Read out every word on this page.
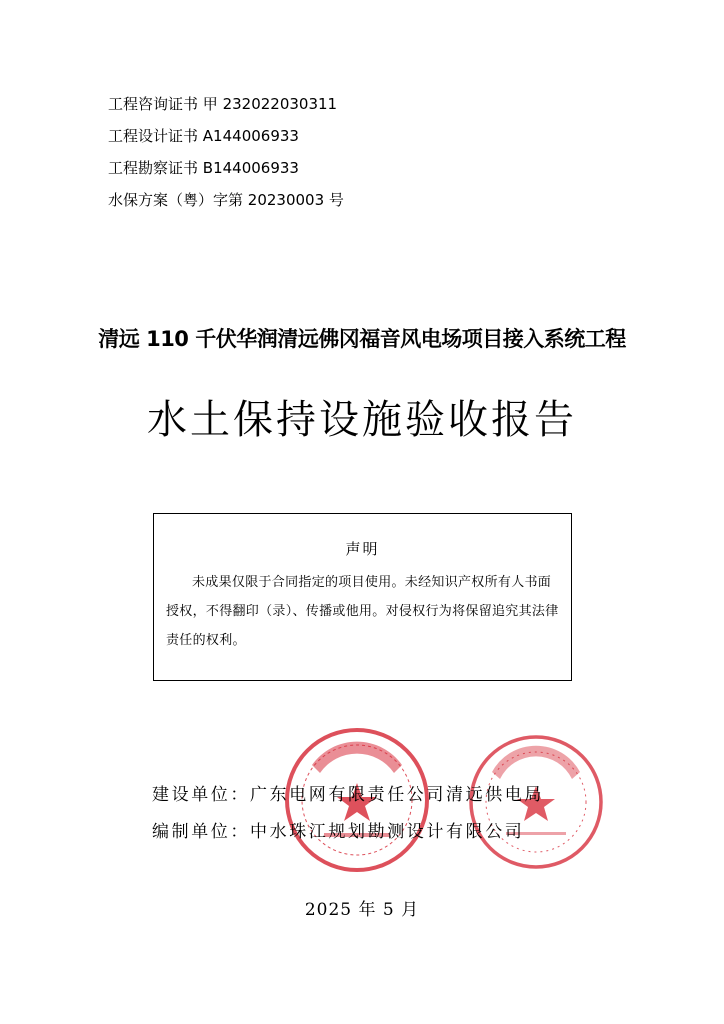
工程咨询证书 甲 232022030311
工程设计证书 A144006933
工程勘察证书 B144006933
水保方案（粤）字第 20230003 号
清远 110 千伏华润清远佛冈福音风电场项目接入系统工程
水土保持设施验收报告
声明
未成果仅限于合同指定的项目使用。未经知识产权所有人书面授权，不得翻印（录）、传播或他用。对侵权行为将保留追究其法律责任的权利。
建设单位：广东电网有限责任公司清远供电局
编制单位：中水珠江规划勘测设计有限公司
2025 年 5 月
